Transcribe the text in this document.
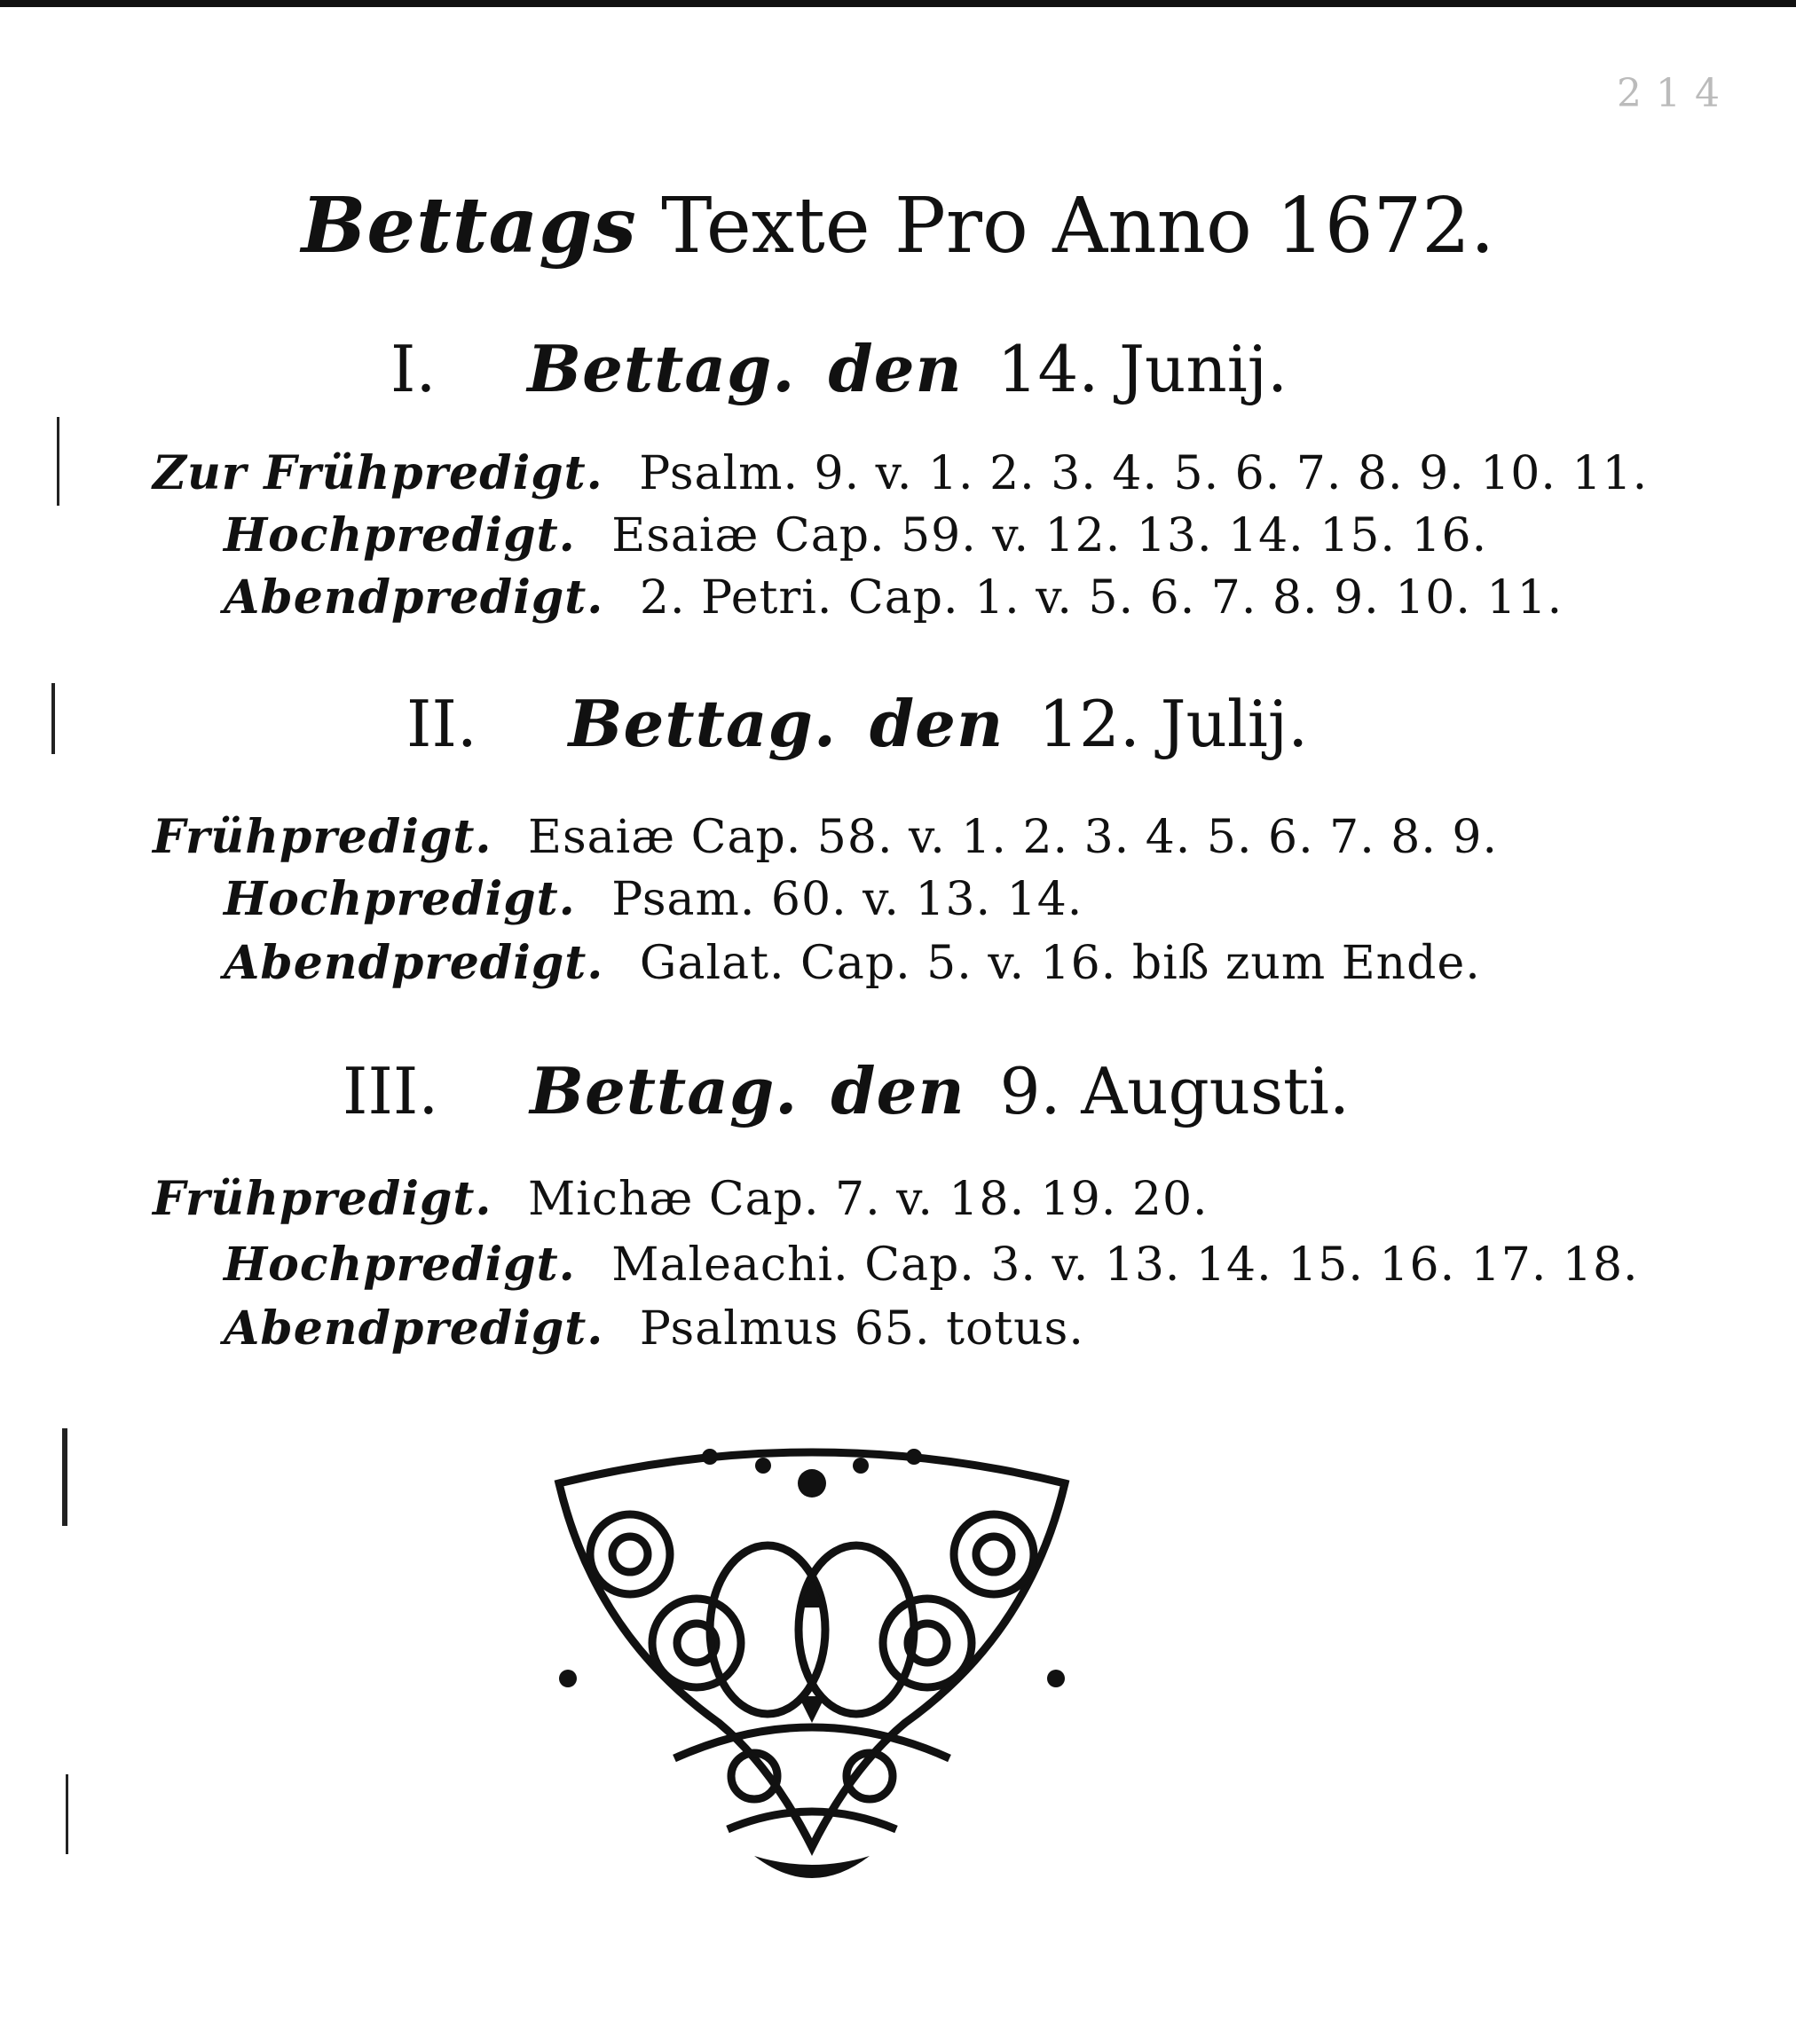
214
Bettags Texte Pro Anno 1672.
I. Bettag. den 14. Junij.
Zur Frühpredigt. Psalm. 9. v. 1. 2. 3. 4. 5. 6. 7. 8. 9. 10. 11.
Hochpredigt. Esaiæ Cap. 59. v. 12. 13. 14. 15. 16.
Abendpredigt. 2. Petri. Cap. 1. v. 5. 6. 7. 8. 9. 10. 11.
II. Bettag. den 12. Julij.
Frühpredigt. Esaiæ Cap. 58. v. 1. 2. 3. 4. 5. 6. 7. 8. 9.
Hochpredigt. Psam. 60. v. 13. 14.
Abendpredigt. Galat. Cap. 5. v. 16. biß zum Ende.
III. Bettag. den 9. Augusti.
Frühpredigt. Michæ Cap. 7. v. 18. 19. 20.
Hochpredigt. Maleachi. Cap. 3. v. 13. 14. 15. 16. 17. 18.
Abendpredigt. Psalmus 65. totus.
